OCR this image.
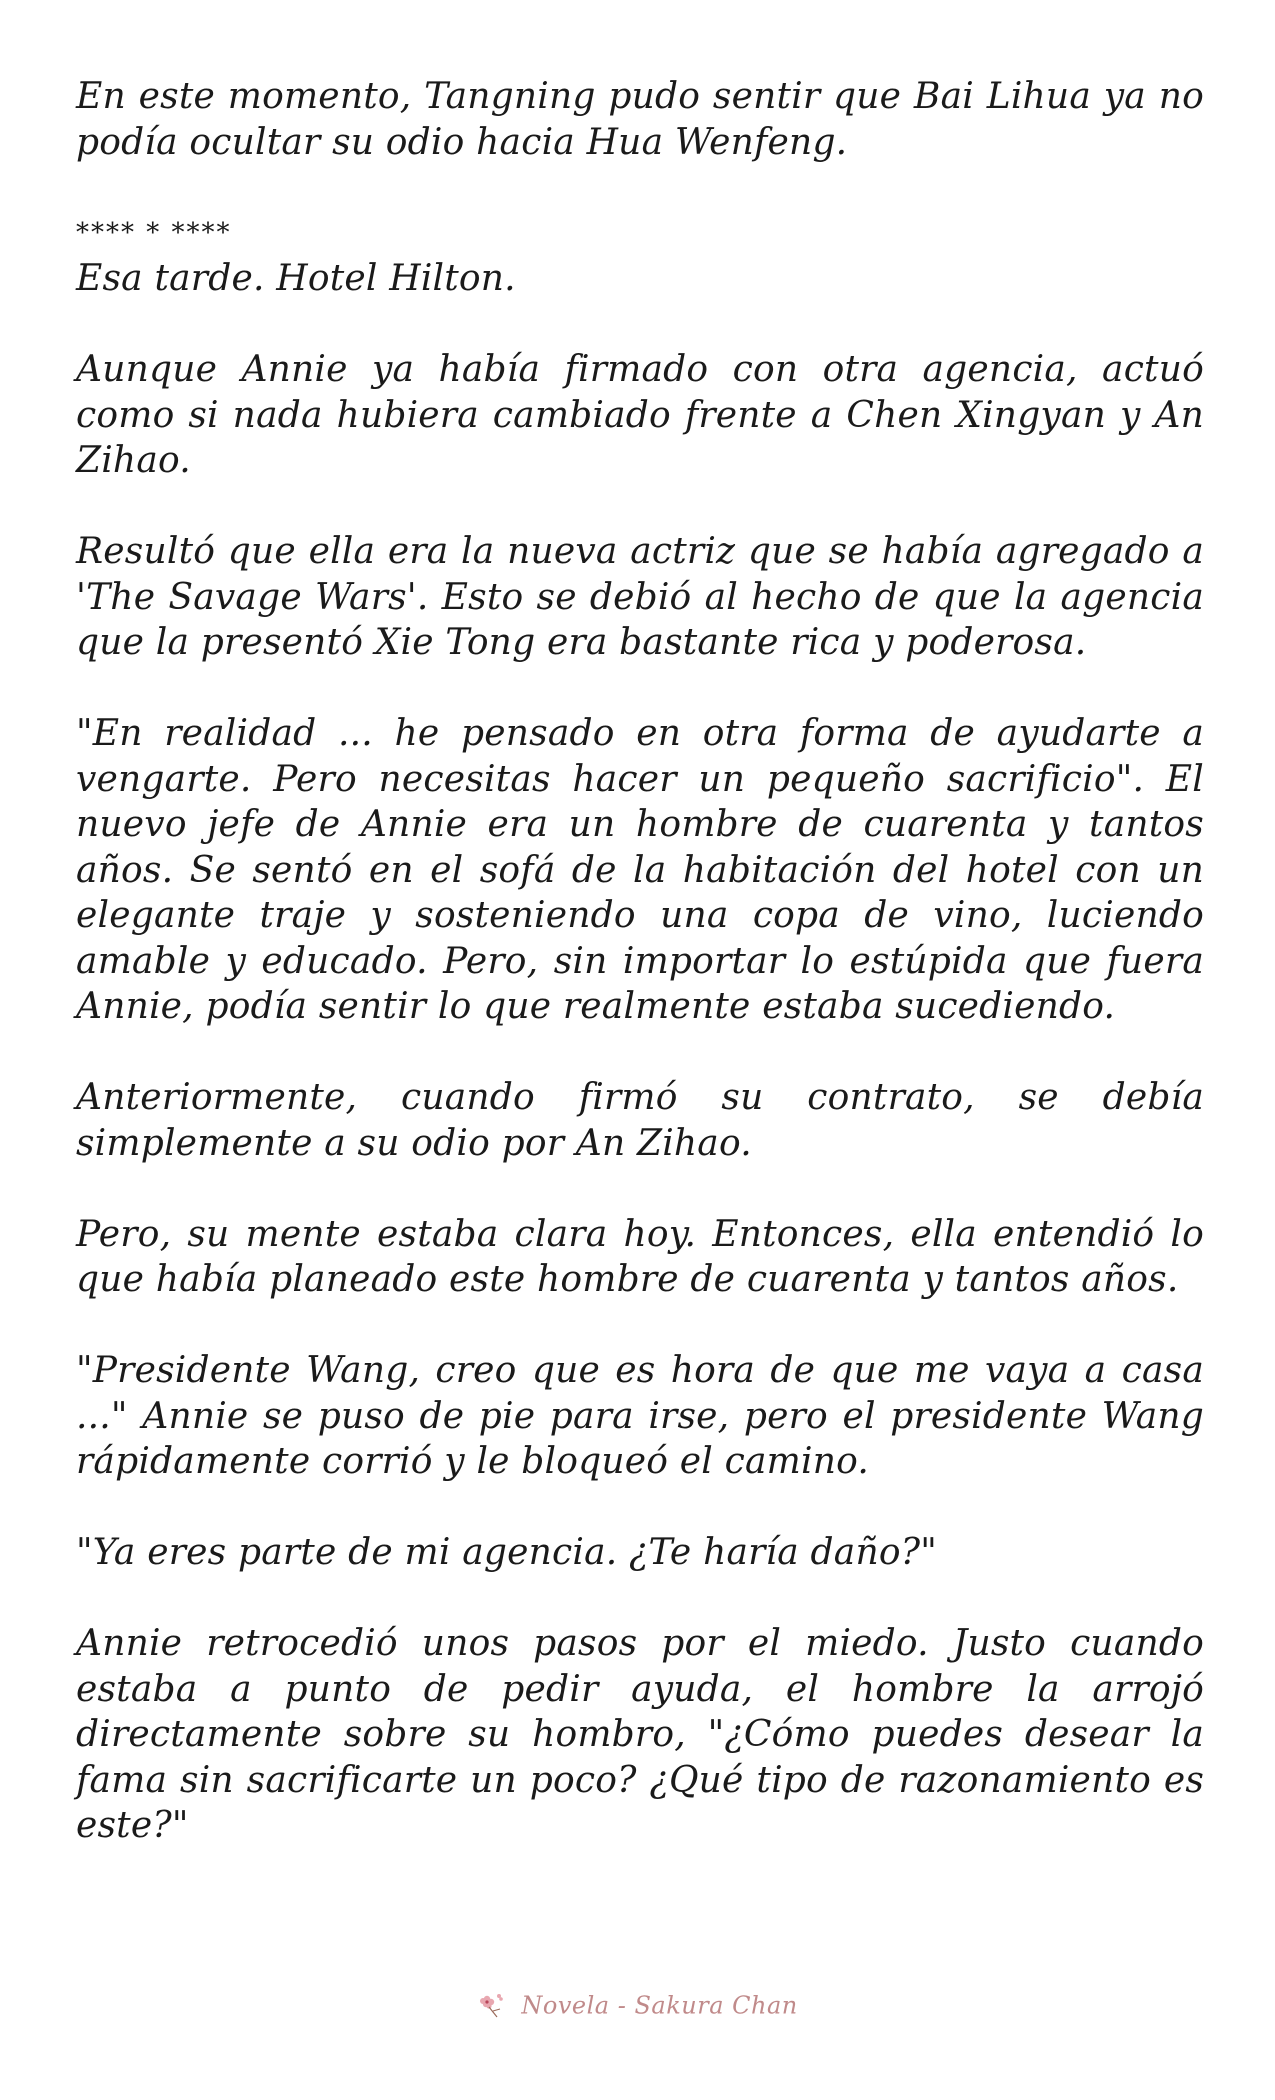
En este momento, Tangning pudo sentir que Bai Lihua ya no podía ocultar su odio hacia Hua Wenfeng.

**** * ****

Esa tarde. Hotel Hilton.

Aunque Annie ya había firmado con otra agencia, actuó como si nada hubiera cambiado frente a Chen Xingyan y An Zihao.

Resultó que ella era la nueva actriz que se había agregado a 'The Savage Wars'. Esto se debió al hecho de que la agencia que la presentó Xie Tong era bastante rica y poderosa.

"En realidad ... he pensado en otra forma de ayudarte a vengarte. Pero necesitas hacer un pequeño sacrificio". El nuevo jefe de Annie era un hombre de cuarenta y tantos años. Se sentó en el sofá de la habitación del hotel con un elegante traje y sosteniendo una copa de vino, luciendo amable y educado. Pero, sin importar lo estúpida que fuera Annie, podía sentir lo que realmente estaba sucediendo.

Anteriormente, cuando firmó su contrato, se debía simplemente a su odio por An Zihao.

Pero, su mente estaba clara hoy. Entonces, ella entendió lo que había planeado este hombre de cuarenta y tantos años.

"Presidente Wang, creo que es hora de que me vaya a casa ..." Annie se puso de pie para irse, pero el presidente Wang rápidamente corrió y le bloqueó el camino.

"Ya eres parte de mi agencia. ¿Te haría daño?"

Annie retrocedió unos pasos por el miedo. Justo cuando estaba a punto de pedir ayuda, el hombre la arrojó directamente sobre su hombro, "¿Cómo puedes desear la fama sin sacrificarte un poco? ¿Qué tipo de razonamiento es este?"

Novela - Sakura Chan
